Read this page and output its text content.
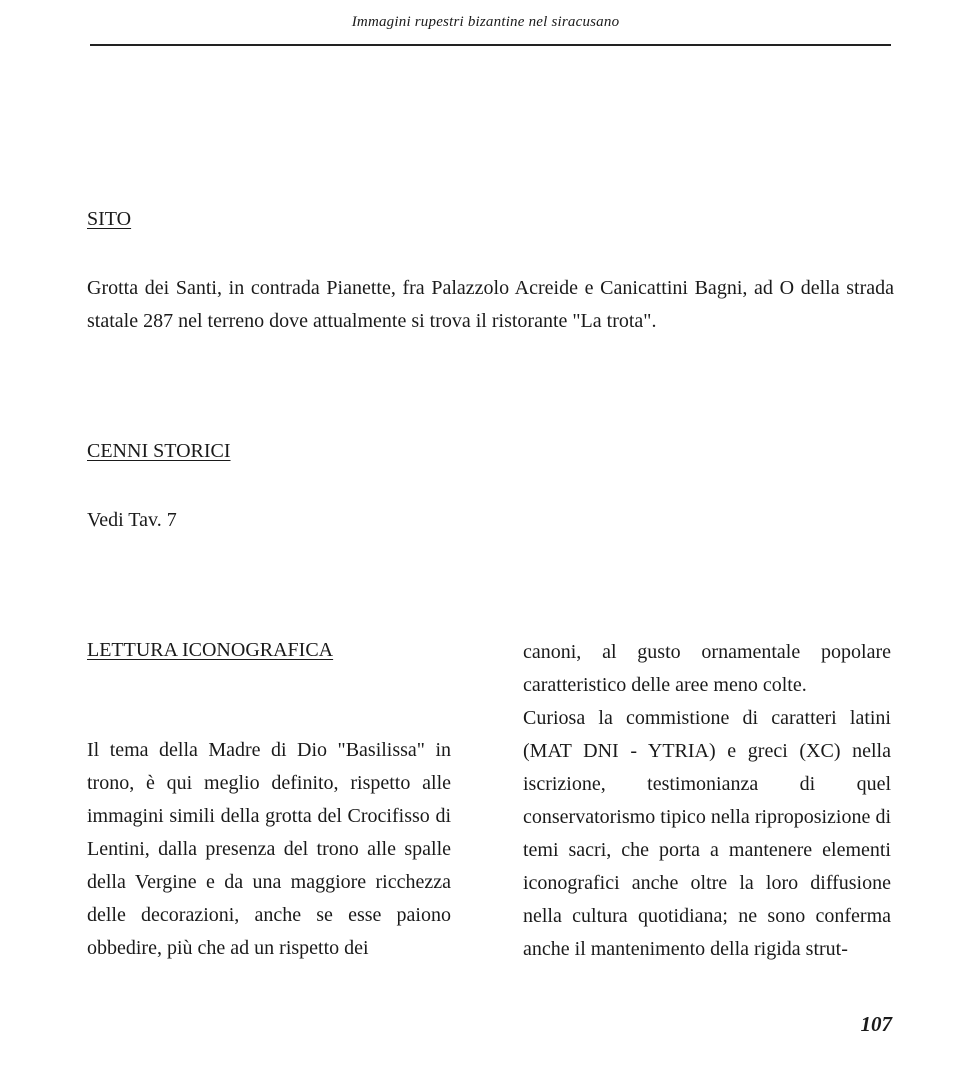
Immagini rupestri bizantine nel siracusano
SITO

Grotta dei Santi, in contrada Pianette, fra Palazzolo Acreide e Canicattini Bagni, ad O della strada statale 287 nel terreno dove attualmente si trova il ristorante "La trota".

CENNI STORICI

Vedi Tav. 7

LETTURA ICONOGRAFICA

Il tema della Madre di Dio "Basilissa" in trono, è qui meglio definito, rispetto alle immagini simili della grotta del Crocifisso di Lentini, dalla presenza del trono alle spalle della Vergine e da una maggiore ricchezza delle decorazioni, anche se esse paiono obbedire, più che ad un rispetto dei

canoni, al gusto ornamentale popolare caratteristico delle aree meno colte.

Curiosa la commistione di caratteri latini (MAT DNI - YTRIA) e greci (XC) nella iscrizione, testimonianza di quel conservatorismo tipico nella riproposizione di temi sacri, che porta a mantenere elementi iconografici anche oltre la loro diffusione nella cultura quotidiana; ne sono conferma anche il mantenimento della rigida strut-

107
